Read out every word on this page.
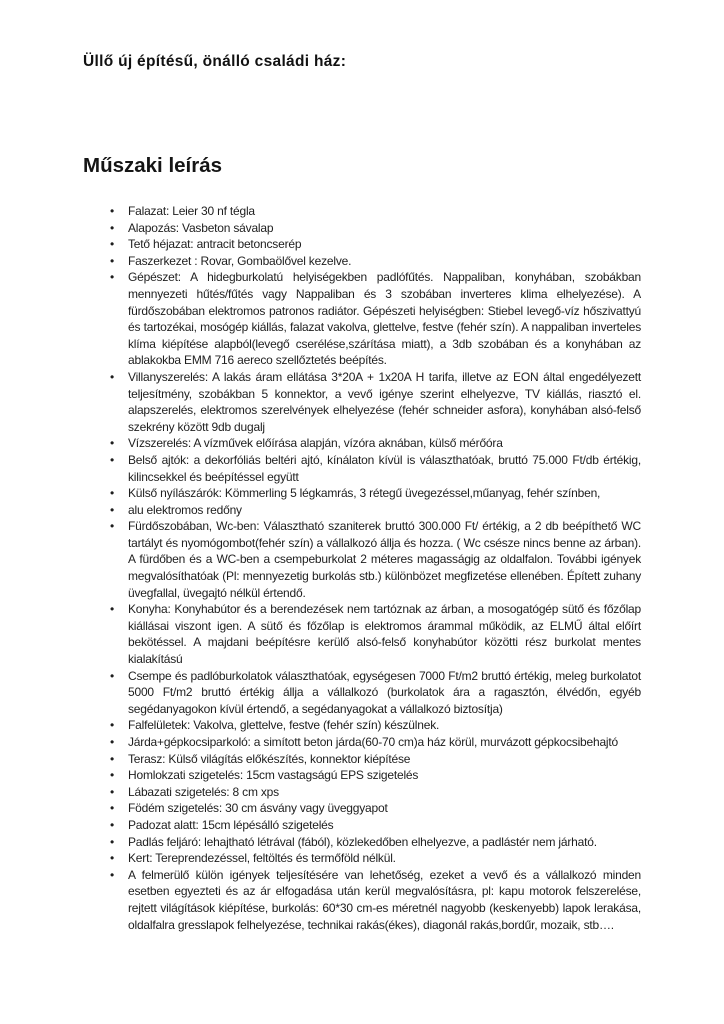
Üllő új építésű, önálló családi ház:
Műszaki leírás
• Falazat: Leier 30 nf tégla
• Alapozás: Vasbeton sávalap
• Tető héjazat: antracit betoncserép
• Faszerkezet : Rovar, Gombaölővel kezelve.
• Gépészet: A hidegburkolatú helyiségekben padlófűtés. Nappaliban, konyhában, szobákban mennyezeti hűtés/fűtés vagy Nappaliban és 3 szobában inverteres klima elhelyezése). A fürdőszobában elektromos patronos radiátor. Gépészeti helyiségben: Stiebel levegő-víz hőszivattyú és tartozékai, mosógép kiállás, falazat vakolva, glettelve, festve (fehér szín). A nappaliban inverteles klíma kiépítése alapból(levegő cserélése,szárítása miatt), a 3db szobában és a konyhában az ablakokba EMM 716 aereco szellőztetés beépítés.
• Villanyszerelés: A lakás áram ellátása 3*20A + 1x20A H tarifa, illetve az EON által engedélyezett teljesítmény, szobákban 5 konnektor, a vevő igénye szerint elhelyezve, TV kiállás, riasztó el. alapszerelés, elektromos szerelvények elhelyezése (fehér schneider asfora), konyhában alsó-felső szekrény között 9db dugalj
• Vízszerelés: A vízművek előírása alapján, vízóra aknában, külső mérőóra
• Belső ajtók: a dekorfóliás beltéri ajtó, kínálaton kívül is választhatóak, bruttó 75.000 Ft/db értékig, kilincsekkel és beépítéssel együtt
• Külső nyílászárók: Kömmerling 5 légkamrás, 3 rétegű üvegezéssel,műanyag, fehér színben,
• alu elektromos redőny
• Fürdőszobában, Wc-ben: Választható szaniterek bruttó 300.000 Ft/ értékig, a 2 db beépíthető WC tartályt és nyomógombot(fehér szín) a vállalkozó állja és hozza. ( Wc csésze nincs benne az árban). A fürdőben és a WC-ben a csempeburkolat 2 méteres magasságig az oldalfalon. További igények megvalósíthatóak (Pl: mennyezetig burkolás stb.) különbözet megfizetése ellenében. Épített zuhany üvegfallal, üvegajtó nélkül értendő.
• Konyha: Konyhabútor és a berendezések nem tartóznak az árban, a mosogatógép sütő és főzőlap kiállásai viszont igen. A sütő és főzőlap is elektromos árammal működik, az ELMŰ által előírt bekötéssel. A majdani beépítésre kerülő alsó-felső konyhabútor közötti rész burkolat mentes kialakítású
• Csempe és padlóburkolatok választhatóak, egységesen 7000 Ft/m2 bruttó értékig, meleg burkolatot 5000 Ft/m2 bruttó értékig állja a vállalkozó (burkolatok ára a ragasztón, élvédőn, egyéb segédanyagokon kívül értendő, a segédanyagokat a vállalkozó biztosítja)
• Falfelületek: Vakolva, glettelve, festve (fehér szín) készülnek.
• Járda+gépkocsiparkoló: a simított beton járda(60-70 cm)a ház körül, murvázott gépkocsibehajtó
• Terasz: Külső világítás előkészítés, konnektor kiépítése
• Homlokzati szigetelés: 15cm vastagságú EPS szigetelés
• Lábazati szigetelés: 8 cm xps
• Födém szigetelés: 30 cm ásvány vagy üveggyapot
• Padozat alatt: 15cm lépésálló szigetelés
• Padlás feljáró: lehajtható létrával (fából), közlekedőben elhelyezve, a padlástér nem járható.
• Kert: Tereprendezéssel, feltöltés és termőföld nélkül.
• A felmerülő külön igények teljesítésére van lehetőség, ezeket a vevő és a vállalkozó minden esetben egyezteti és az ár elfogadása után kerül megvalósításra, pl: kapu motorok felszerelése, rejtett világítások kiépítése, burkolás: 60*30 cm-es méretnél nagyobb (keskenyebb) lapok lerakása, oldalfalra gresslapok felhelyezése, technikai rakás(ékes), diagonál rakás,bordűr, mozaik, stb….
